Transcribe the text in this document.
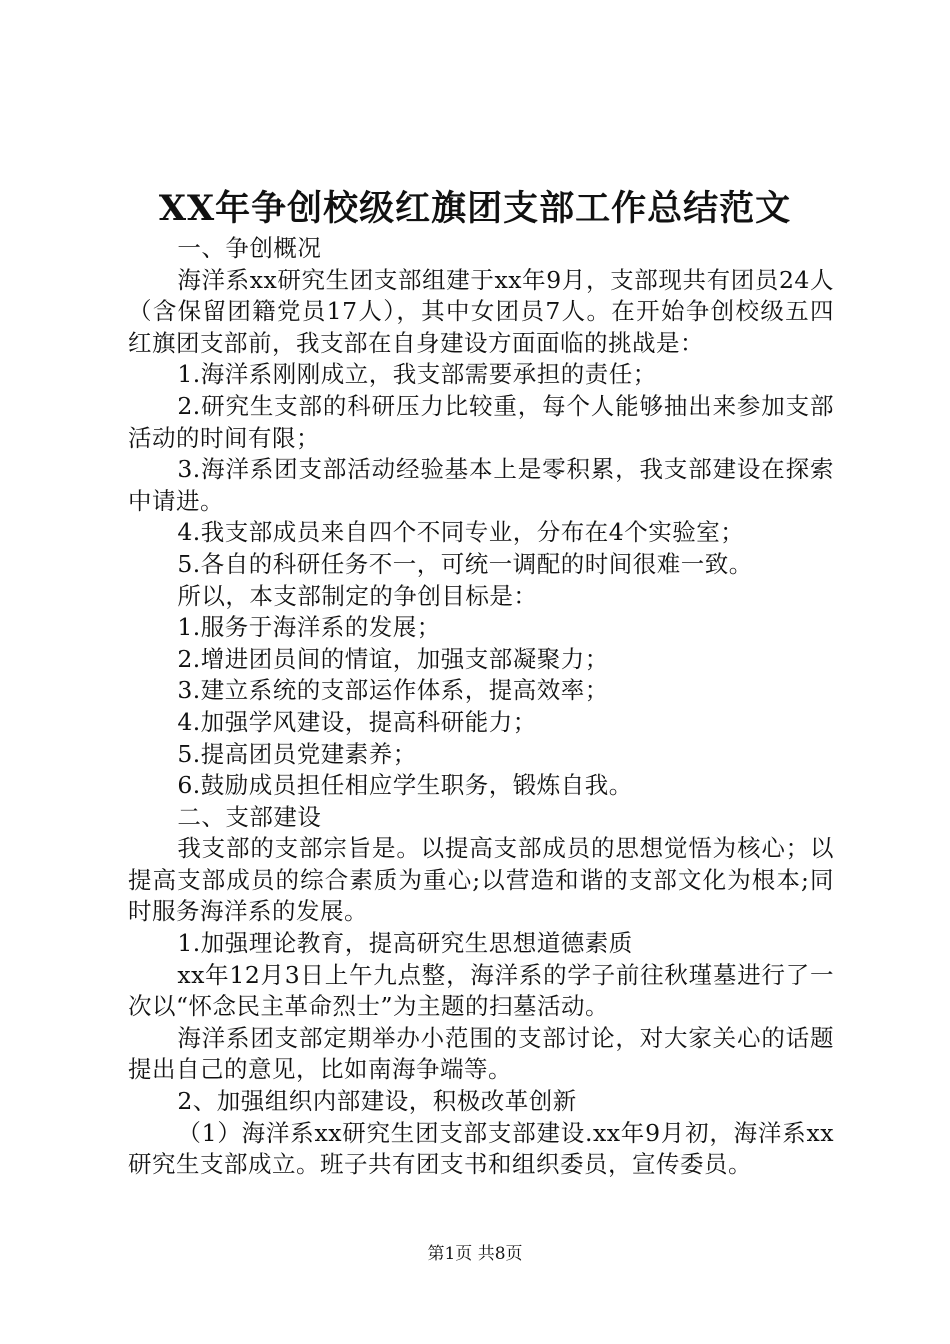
XX年争创校级红旗团支部工作总结范文

一、争创概况

海洋系xx研究生团支部组建于xx年9月，支部现共有团员24人（含保留团籍党员17人），其中女团员7人。在开始争创校级五四红旗团支部前，我支部在自身建设方面面临的挑战是：

1.海洋系刚刚成立，我支部需要承担的责任；

2.研究生支部的科研压力比较重，每个人能够抽出来参加支部活动的时间有限；

3.海洋系团支部活动经验基本上是零积累，我支部建设在探索中请进。

4.我支部成员来自四个不同专业，分布在4个实验室；

5.各自的科研任务不一，可统一调配的时间很难一致。

所以，本支部制定的争创目标是：

1.服务于海洋系的发展；

2.增进团员间的情谊，加强支部凝聚力；

3.建立系统的支部运作体系，提高效率；

4.加强学风建设，提高科研能力；

5.提高团员党建素养；

6.鼓励成员担任相应学生职务，锻炼自我。

二、支部建设

我支部的支部宗旨是。以提高支部成员的思想觉悟为核心；以提高支部成员的综合素质为重心;以营造和谐的支部文化为根本;同时服务海洋系的发展。

1.加强理论教育，提高研究生思想道德素质

xx年12月3日上午九点整，海洋系的学子前往秋瑾墓进行了一次以“怀念民主革命烈士”为主题的扫墓活动。

海洋系团支部定期举办小范围的支部讨论，对大家关心的话题提出自己的意见，比如南海争端等。

2、加强组织内部建设，积极改革创新

（1）海洋系xx研究生团支部支部建设.xx年9月初，海洋系xx研究生支部成立。班子共有团支书和组织委员，宣传委员。

第1页 共8页
